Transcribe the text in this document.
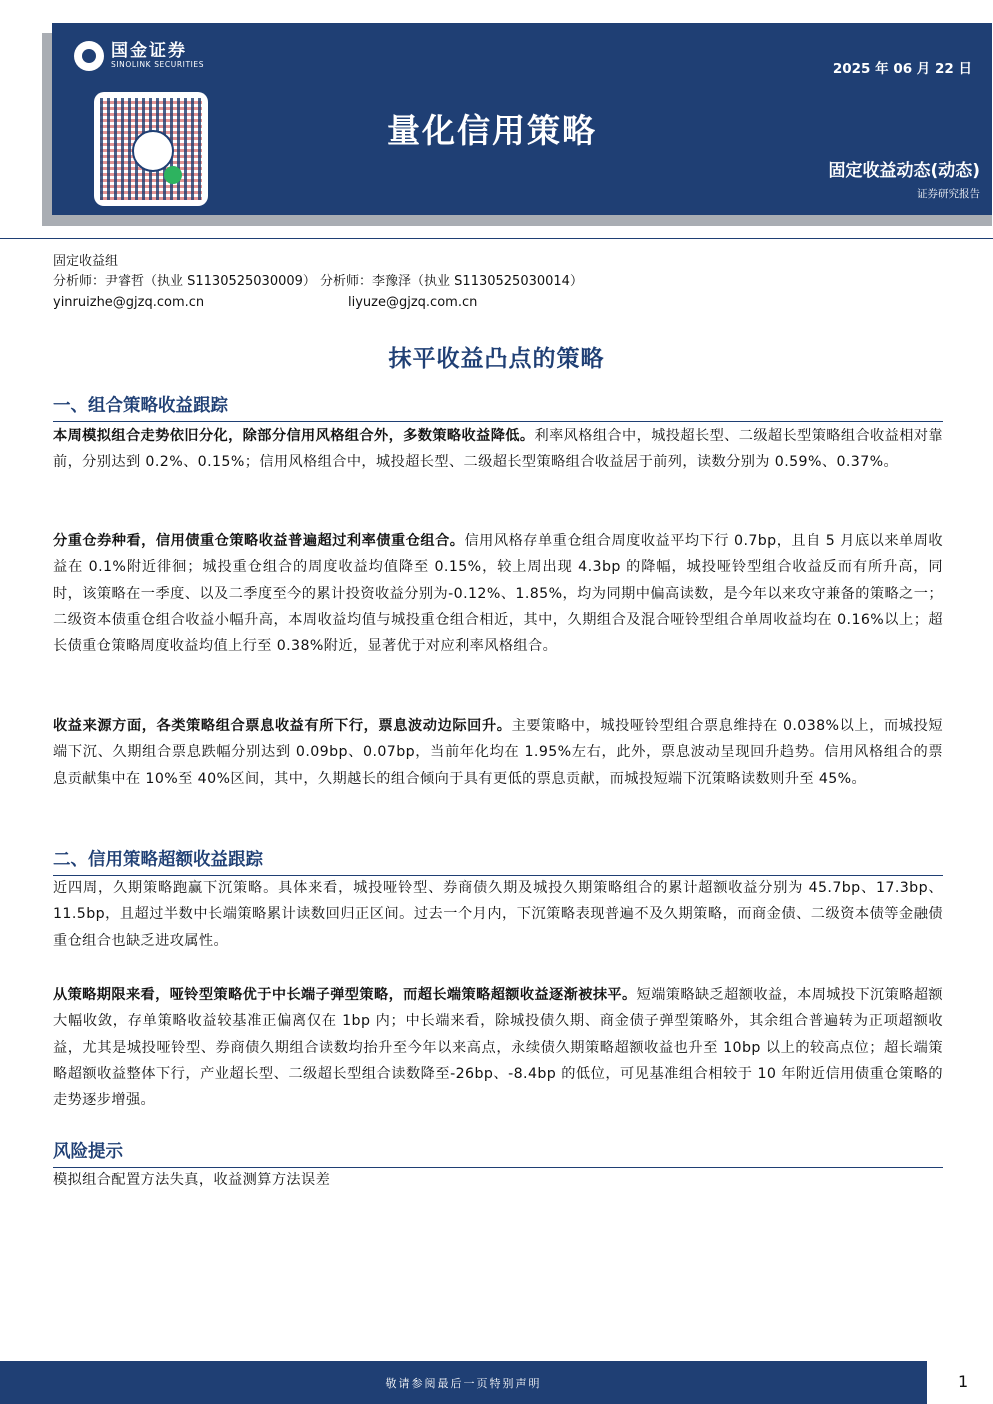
国金证券
SINOLINK SECURITIES	2025 年 06 月 22 日
量化信用策略
固定收益动态(动态)
证券研究报告
固定收益组
分析师：尹睿哲（执业 S1130525030009） 分析师：李豫泽（执业 S1130525030014）
yinruizhe@gjzq.com.cn	liyuze@gjzq.com.cn
抹平收益凸点的策略
一、组合策略收益跟踪

本周模拟组合走势依旧分化，除部分信用风格组合外，多数策略收益降低。利率风格组合中，城投超长型、二级超长型策略组合收益相对靠前，分别达到 0.2%、0.15%；信用风格组合中，城投超长型、二级超长型策略组合收益居于前列，读数分别为 0.59%、0.37%。

分重仓券种看，信用债重仓策略收益普遍超过利率债重仓组合。信用风格存单重仓组合周度收益平均下行 0.7bp，且自 5 月底以来单周收益在 0.1%附近徘徊；城投重仓组合的周度收益均值降至 0.15%，较上周出现 4.3bp 的降幅，城投哑铃型组合收益反而有所升高，同时，该策略在一季度、以及二季度至今的累计投资收益分别为-0.12%、1.85%，均为同期中偏高读数，是今年以来攻守兼备的策略之一；二级资本债重仓组合收益小幅升高，本周收益均值与城投重仓组合相近，其中，久期组合及混合哑铃型组合单周收益均在 0.16%以上；超长债重仓策略周度收益均值上行至 0.38%附近，显著优于对应利率风格组合。

收益来源方面，各类策略组合票息收益有所下行，票息波动边际回升。主要策略中，城投哑铃型组合票息维持在 0.038%以上，而城投短端下沉、久期组合票息跌幅分别达到 0.09bp、0.07bp，当前年化均在 1.95%左右，此外，票息波动呈现回升趋势。信用风格组合的票息贡献集中在 10%至 40%区间，其中，久期越长的组合倾向于具有更低的票息贡献，而城投短端下沉策略读数则升至 45%。

二、信用策略超额收益跟踪

近四周，久期策略跑赢下沉策略。具体来看，城投哑铃型、券商债久期及城投久期策略组合的累计超额收益分别为 45.7bp、17.3bp、11.5bp，且超过半数中长端策略累计读数回归正区间。过去一个月内，下沉策略表现普遍不及久期策略，而商金债、二级资本债等金融债重仓组合也缺乏进攻属性。

从策略期限来看，哑铃型策略优于中长端子弹型策略，而超长端策略超额收益逐渐被抹平。短端策略缺乏超额收益，本周城投下沉策略超额大幅收敛，存单策略收益较基准正偏离仅在 1bp 内；中长端来看，除城投债久期、商金债子弹型策略外，其余组合普遍转为正项超额收益，尤其是城投哑铃型、券商债久期组合读数均抬升至今年以来高点，永续债久期策略超额收益也升至 10bp 以上的较高点位；超长端策略超额收益整体下行，产业超长型、二级超长型组合读数降至-26bp、-8.4bp 的低位，可见基准组合相较于 10 年附近信用债重仓策略的走势逐步增强。

风险提示

模拟组合配置方法失真，收益测算方法误差

敬请参阅最后一页特别声明	1
